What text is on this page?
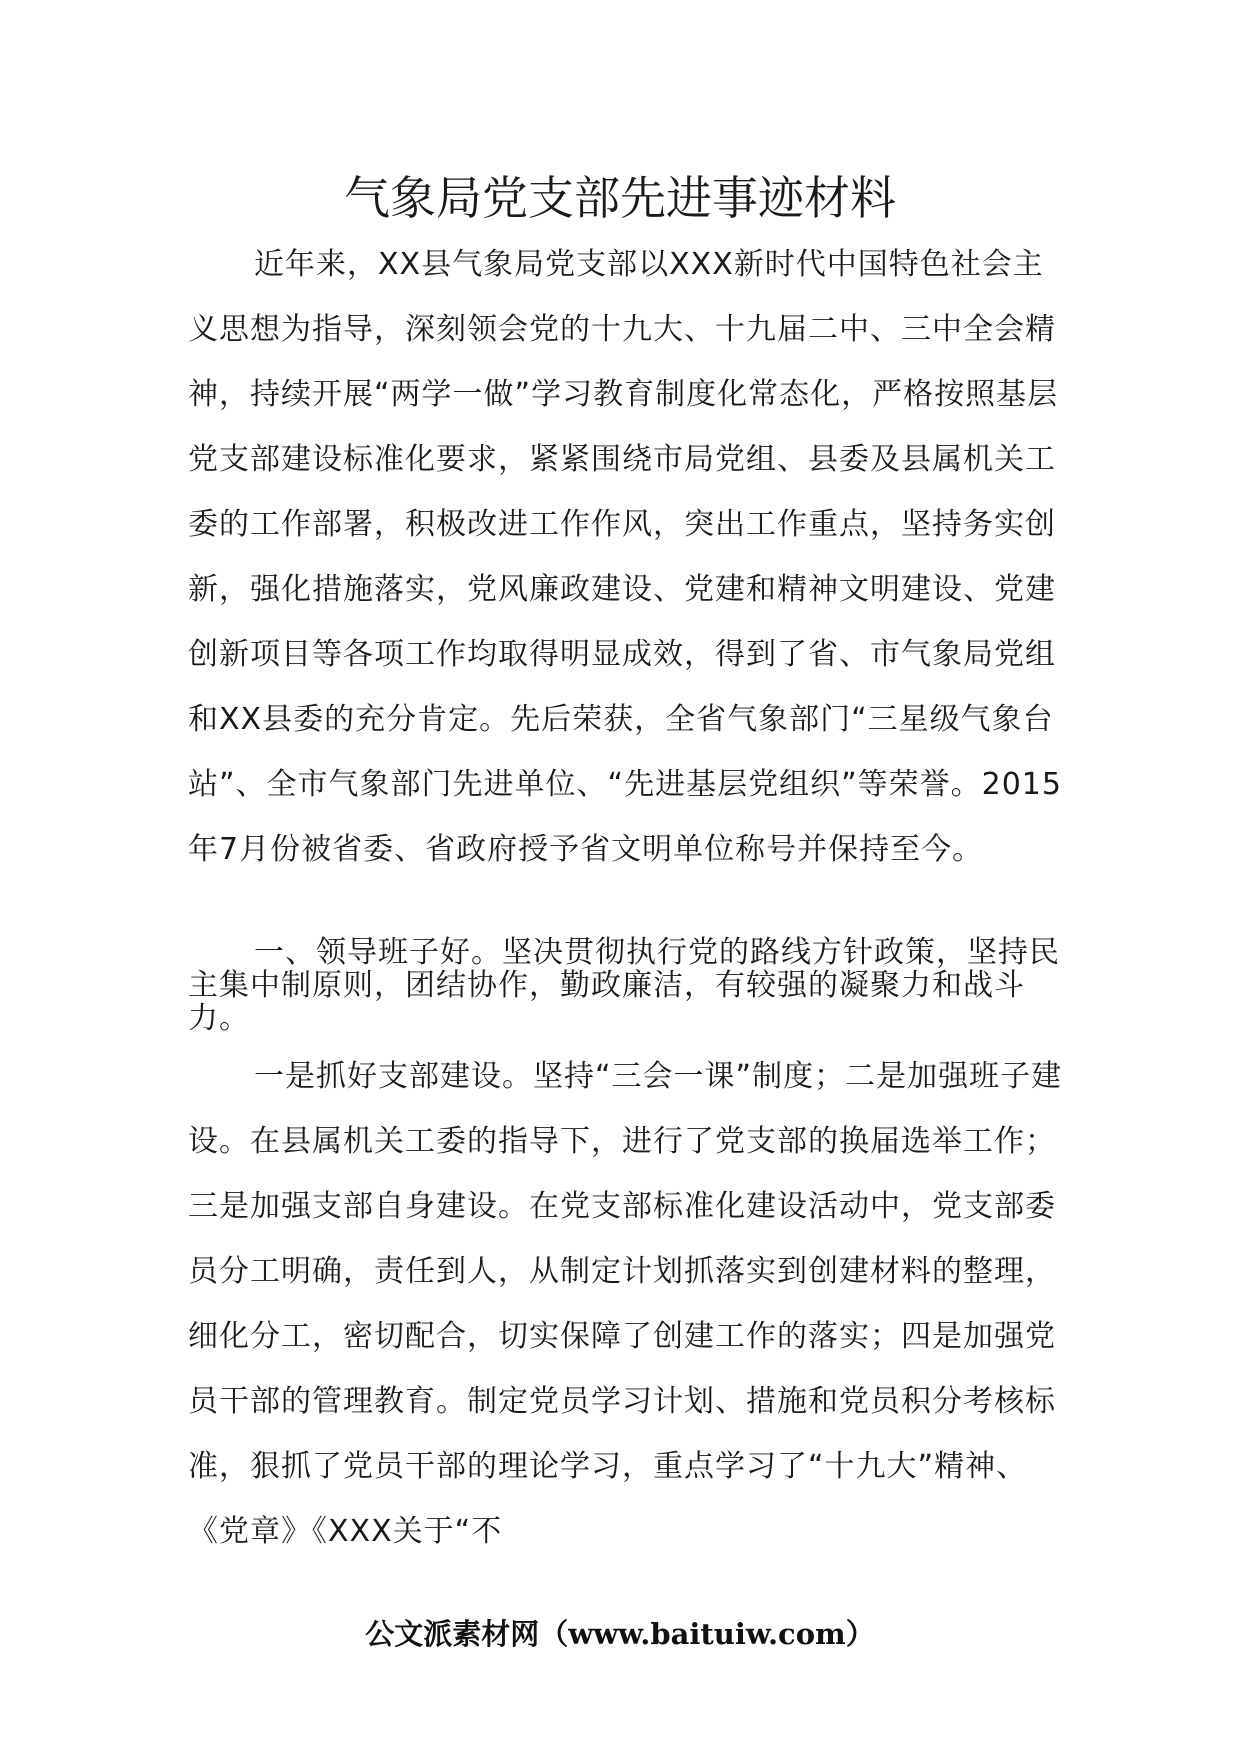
气象局党支部先进事迹材料

近年来，XX县气象局党支部以XXX新时代中国特色社会主义思想为指导，深刻领会党的十九大、十九届二中、三中全会精神，持续开展“两学一做”学习教育制度化常态化，严格按照基层党支部建设标准化要求，紧紧围绕市局党组、县委及县属机关工委的工作部署，积极改进工作作风，突出工作重点，坚持务实创新，强化措施落实，党风廉政建设、党建和精神文明建设、党建创新项目等各项工作均取得明显成效，得到了省、市气象局党组和XX县委的充分肯定。先后荣获，全省气象部门“三星级气象台站”、全市气象部门先进单位、“先进基层党组织”等荣誉。2015年7月份被省委、省政府授予省文明单位称号并保持至今。

一、领导班子好。坚决贯彻执行党的路线方针政策，坚持民主集中制原则，团结协作，勤政廉洁，有较强的凝聚力和战斗力。

一是抓好支部建设。坚持“三会一课”制度；二是加强班子建设。在县属机关工委的指导下，进行了党支部的换届选举工作；三是加强支部自身建设。在党支部标准化建设活动中，党支部委员分工明确，责任到人，从制定计划抓落实到创建材料的整理，细化分工，密切配合，切实保障了创建工作的落实；四是加强党员干部的管理教育。制定党员学习计划、措施和党员积分考核标准，狠抓了党员干部的理论学习，重点学习了“十九大”精神、《党章》《XXX关于“不

公文派素材网（www.baituiw.com）
